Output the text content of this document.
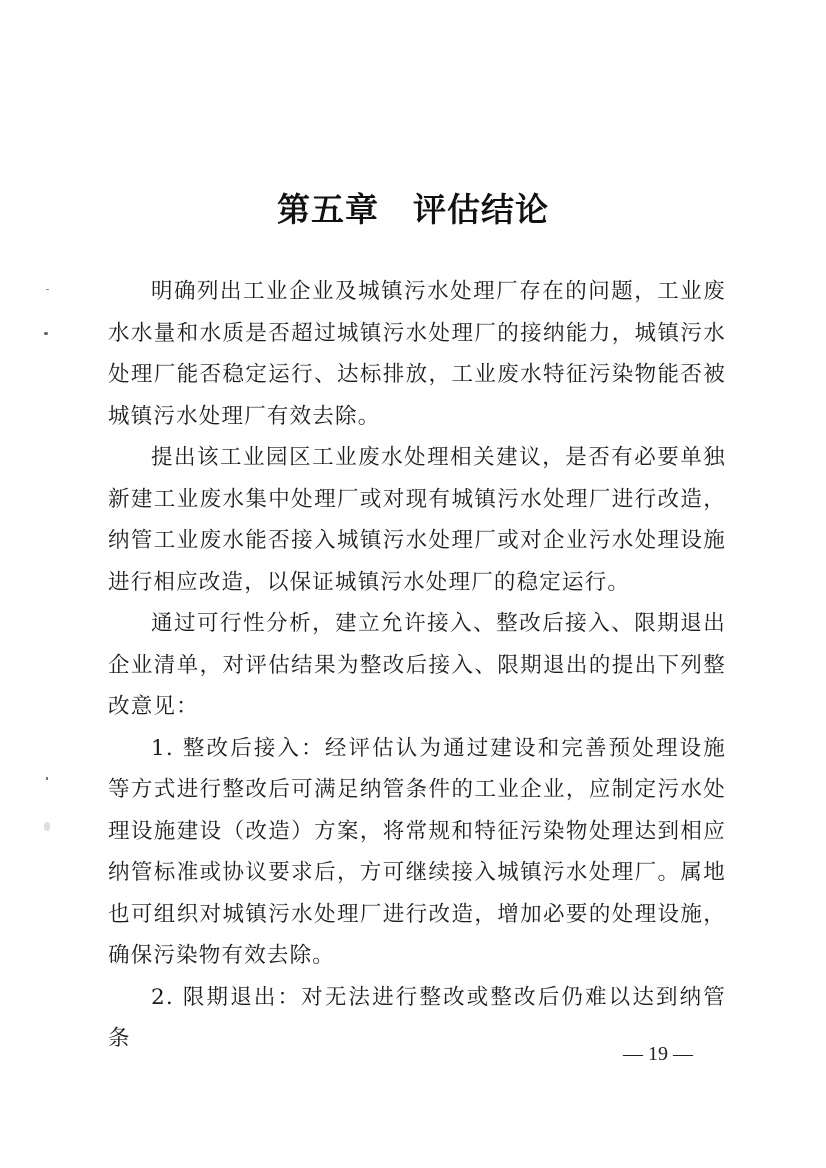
第五章 评估结论

明确列出工业企业及城镇污水处理厂存在的问题，工业废水水量和水质是否超过城镇污水处理厂的接纳能力，城镇污水处理厂能否稳定运行、达标排放，工业废水特征污染物能否被城镇污水处理厂有效去除。

提出该工业园区工业废水处理相关建议，是否有必要单独新建工业废水集中处理厂或对现有城镇污水处理厂进行改造，纳管工业废水能否接入城镇污水处理厂或对企业污水处理设施进行相应改造，以保证城镇污水处理厂的稳定运行。

通过可行性分析，建立允许接入、整改后接入、限期退出企业清单，对评估结果为整改后接入、限期退出的提出下列整改意见：

1. 整改后接入：经评估认为通过建设和完善预处理设施等方式进行整改后可满足纳管条件的工业企业，应制定污水处理设施建设（改造）方案，将常规和特征污染物处理达到相应纳管标准或协议要求后，方可继续接入城镇污水处理厂。属地也可组织对城镇污水处理厂进行改造，增加必要的处理设施，确保污染物有效去除。

2. 限期退出：对无法进行整改或整改后仍难以达到纳管条

— 19 —
